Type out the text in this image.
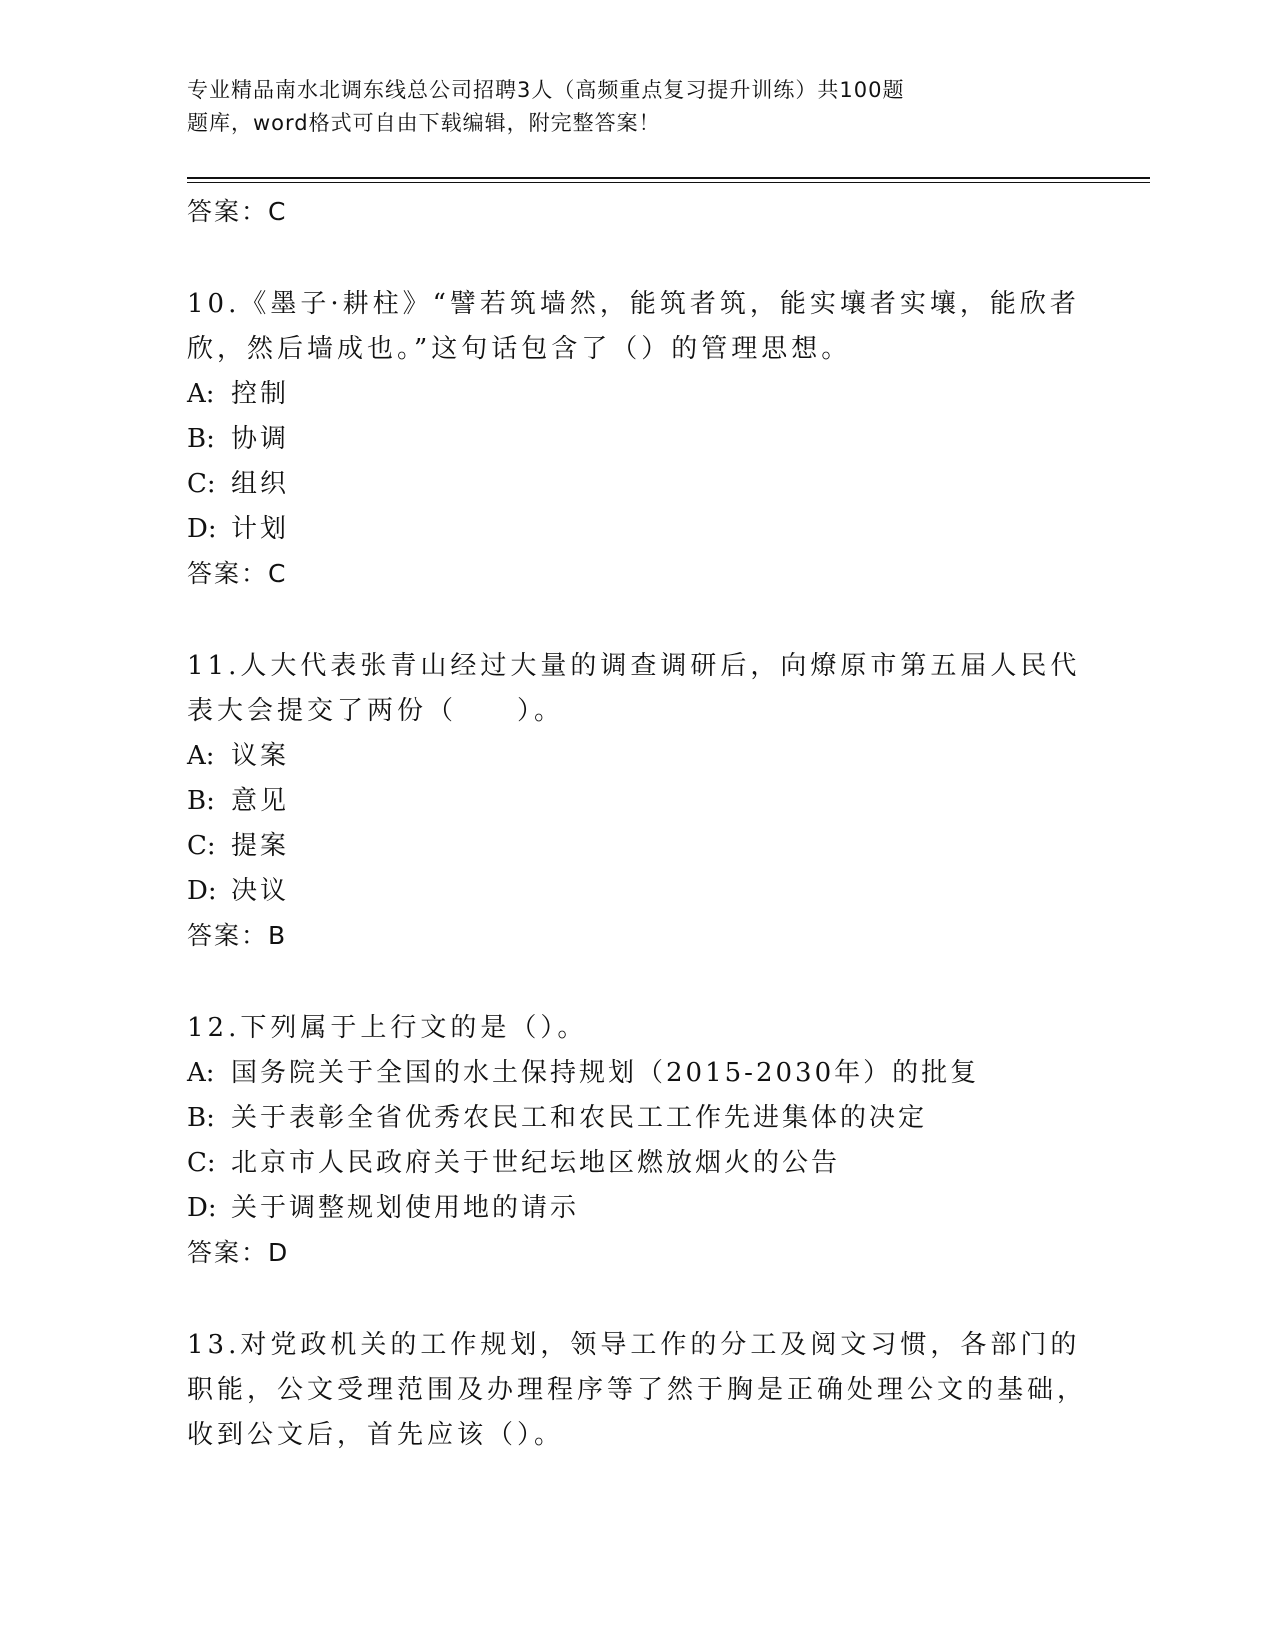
专业精品南水北调东线总公司招聘3人（高频重点复习提升训练）共100题
题库，word格式可自由下载编辑，附完整答案！
答案：C
10.《墨子·耕柱》“譬若筑墙然，能筑者筑，能实壤者实壤，能欣者欣，然后墙成也。”这句话包含了（）的管理思想。
A: 控制
B: 协调
C: 组织
D: 计划
答案：C
11.人大代表张青山经过大量的调查调研后，向燎原市第五届人民代表大会提交了两份（　　）。
A: 议案
B: 意见
C: 提案
D: 决议
答案：B
12.下列属于上行文的是（）。
A: 国务院关于全国的水土保持规划（2015-2030年）的批复
B: 关于表彰全省优秀农民工和农民工工作先进集体的决定
C: 北京市人民政府关于世纪坛地区燃放烟火的公告
D: 关于调整规划使用地的请示
答案：D
13.对党政机关的工作规划，领导工作的分工及阅文习惯，各部门的职能，公文受理范围及办理程序等了然于胸是正确处理公文的基础，收到公文后，首先应该（）。
